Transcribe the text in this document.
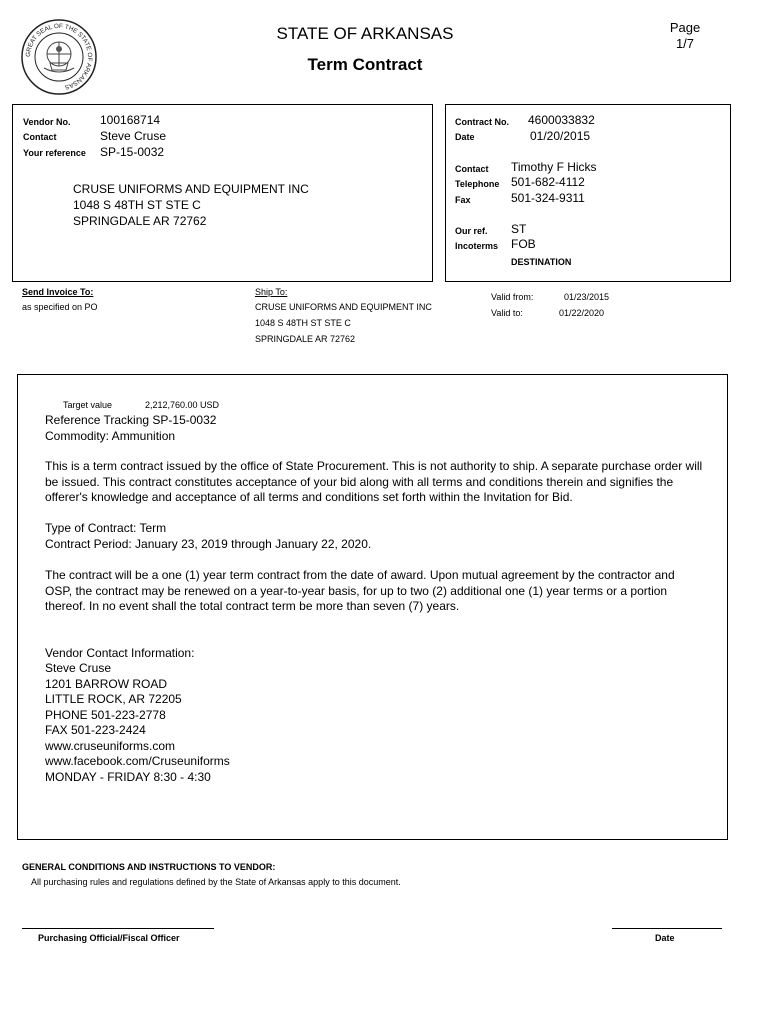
GREAT SEAL OF THE STATE OF ARKANSAS
STATE OF ARKANSAS
Term Contract
Page
1/7
Vendor No. 100168714
Contact	Steve Cruse
Your reference SP-15-0032
CRUSE UNIFORMS AND EQUIPMENT INC
1048 S 48TH ST STE C
SPRINGDALE AR 72762
Contract No. 4600033832
Date	01/20/2015
Contact Timothy F Hicks
Telephone 501-682-4112
Fax	501-324-9311
Our ref. ST
Incoterms FOB
DESTINATION
Send Invoice To:
as specified on PO
Ship To:
CRUSE UNIFORMS AND EQUIPMENT INC
1048 S 48TH ST STE C
SPRINGDALE AR 72762
Valid from:	01/23/2015
Valid to:	01/22/2020
Target value	2,212,760.00 USD
Reference Tracking SP-15-0032
Commodity: Ammunition
This is a term contract issued by the office of State Procurement. This is not authority to ship. A separate purchase order will be issued. This contract constitutes acceptance of your bid along with all terms and conditions therein and signifies the offerer's knowledge and acceptance of all terms and conditions set forth within the Invitation for Bid.
Type of Contract: Term
Contract Period: January 23, 2019 through January 22, 2020.
The contract will be a one (1) year term contract from the date of award. Upon mutual agreement by the contractor and OSP, the contract may be renewed on a year-to-year basis, for up to two (2) additional one (1) year terms or a portion thereof. In no event shall the total contract term be more than seven (7) years.
Vendor Contact Information:
Steve Cruse
1201 BARROW ROAD
LITTLE ROCK, AR 72205
PHONE 501-223-2778
FAX 501-223-2424
www.cruseuniforms.com
www.facebook.com/Cruseuniforms
MONDAY - FRIDAY 8:30 - 4:30
GENERAL CONDITIONS AND INSTRUCTIONS TO VENDOR:
All purchasing rules and regulations defined by the State of Arkansas apply to this document.
Purchasing Official/Fiscal Officer	Date
